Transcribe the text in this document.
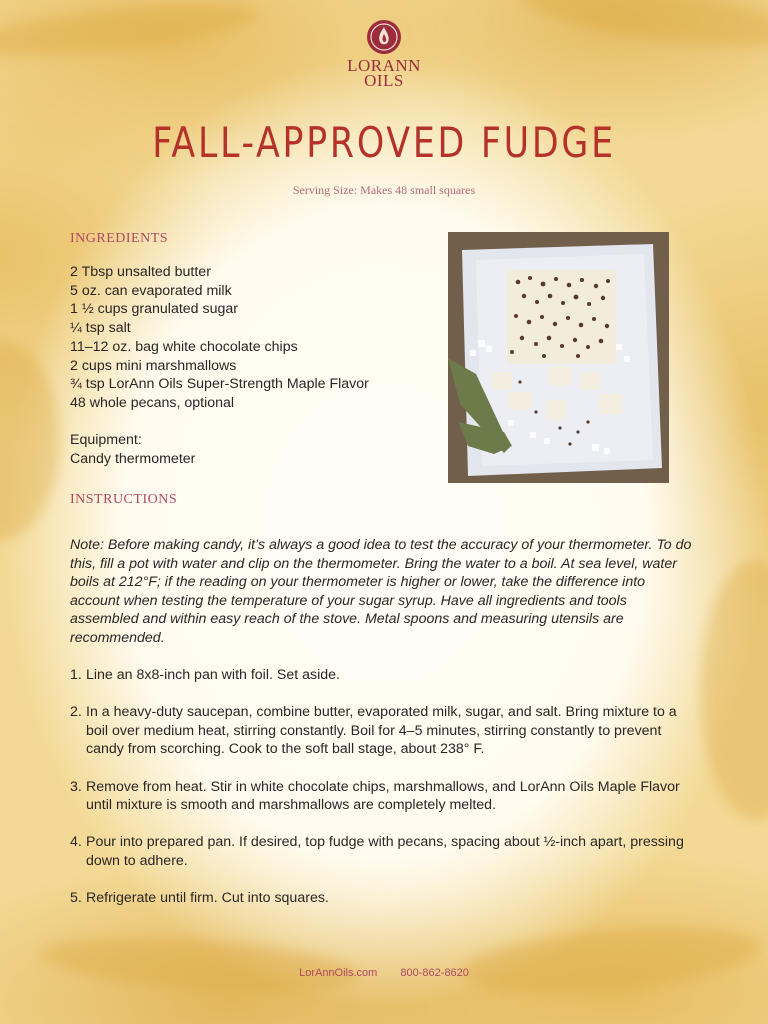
LORANN
OILS
FALL-APPROVED FUDGE
Serving Size: Makes 48 small squares
INGREDIENTS
2 Tbsp unsalted butter
5 oz. can evaporated milk
1 ½ cups granulated sugar
¼ tsp salt
11–12 oz. bag white chocolate chips
2 cups mini marshmallows
¾ tsp LorAnn Oils Super-Strength Maple Flavor
48 whole pecans, optional
Equipment:
Candy thermometer
INSTRUCTIONS
Note: Before making candy, it’s always a good idea to test the accuracy of your thermometer. To do this, fill a pot with water and clip on the thermometer. Bring the water to a boil. At sea level, water boils at 212°F; if the reading on your thermometer is higher or lower, take the difference into account when testing the temperature of your sugar syrup. Have all ingredients and tools assembled and within easy reach of the stove. Metal spoons and measuring utensils are recommended.
1. Line an 8x8-inch pan with foil. Set aside.
2. In a heavy-duty saucepan, combine butter, evaporated milk, sugar, and salt. Bring mixture to a boil over medium heat, stirring constantly. Boil for 4–5 minutes, stirring constantly to prevent candy from scorching. Cook to the soft ball stage, about 238° F.
3. Remove from heat. Stir in white chocolate chips, marshmallows, and LorAnn Oils Maple Flavor until mixture is smooth and marshmallows are completely melted.
4. Pour into prepared pan. If desired, top fudge with pecans, spacing about ½-inch apart, pressing down to adhere.
5. Refrigerate until firm. Cut into squares.
LorAnnOils.com 800-862-8620
